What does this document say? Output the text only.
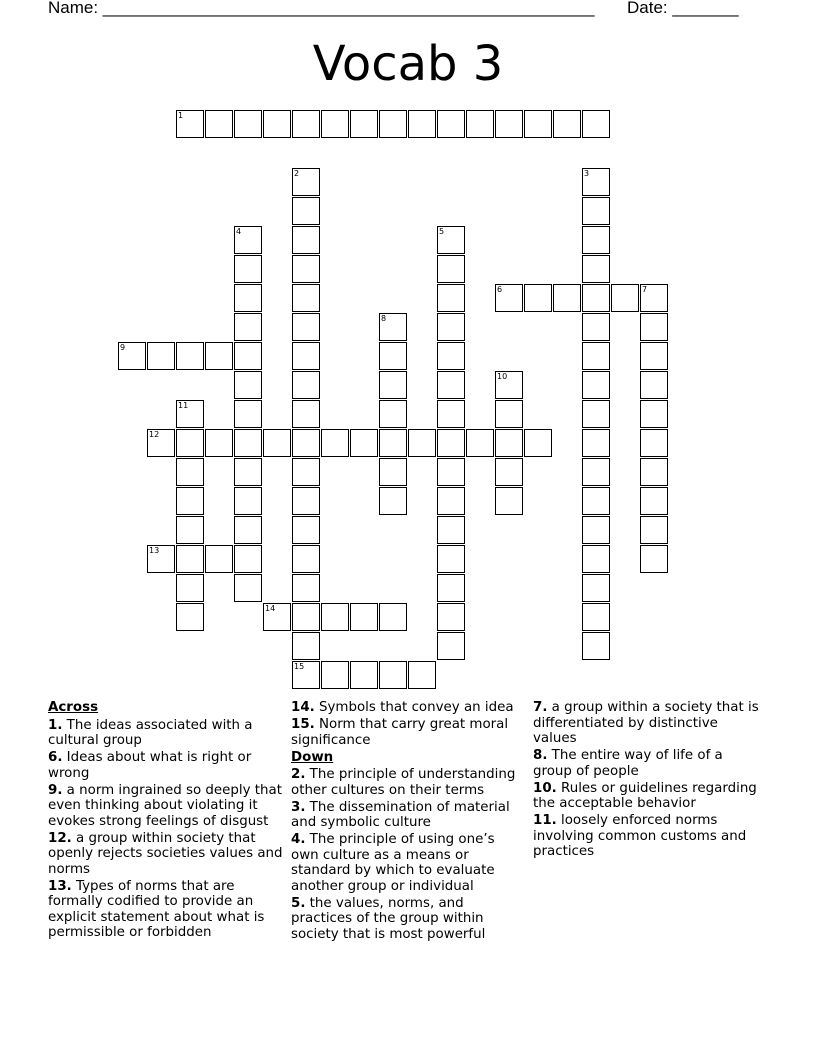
Name: ____________________________________________________ Date: _______
Vocab 3
1
2
15
3
4	5
6	7
8
9
10
11
12
13
14
Across
1. The ideas associated with a cultural group
6. Ideas about what is right or wrong
9. a norm ingrained so deeply that even thinking about violating it evokes strong feelings of disgust
12. a group within society that openly rejects societies values and norms
13. Types of norms that are formally codified to provide an explicit statement about what is permissible or forbidden
14. Symbols that convey an idea
15. Norm that carry great moral significance
Down
2. The principle of understanding other cultures on their terms
3. The dissemination of material and symbolic culture
4. The principle of using one’s own culture as a means or standard by which to evaluate another group or individual
5. the values, norms, and practices of the group within society that is most powerful
7. a group within a society that is differentiated by distinctive values
8. The entire way of life of a group of people
10. Rules or guidelines regarding the acceptable behavior
11. loosely enforced norms involving common customs and practices
